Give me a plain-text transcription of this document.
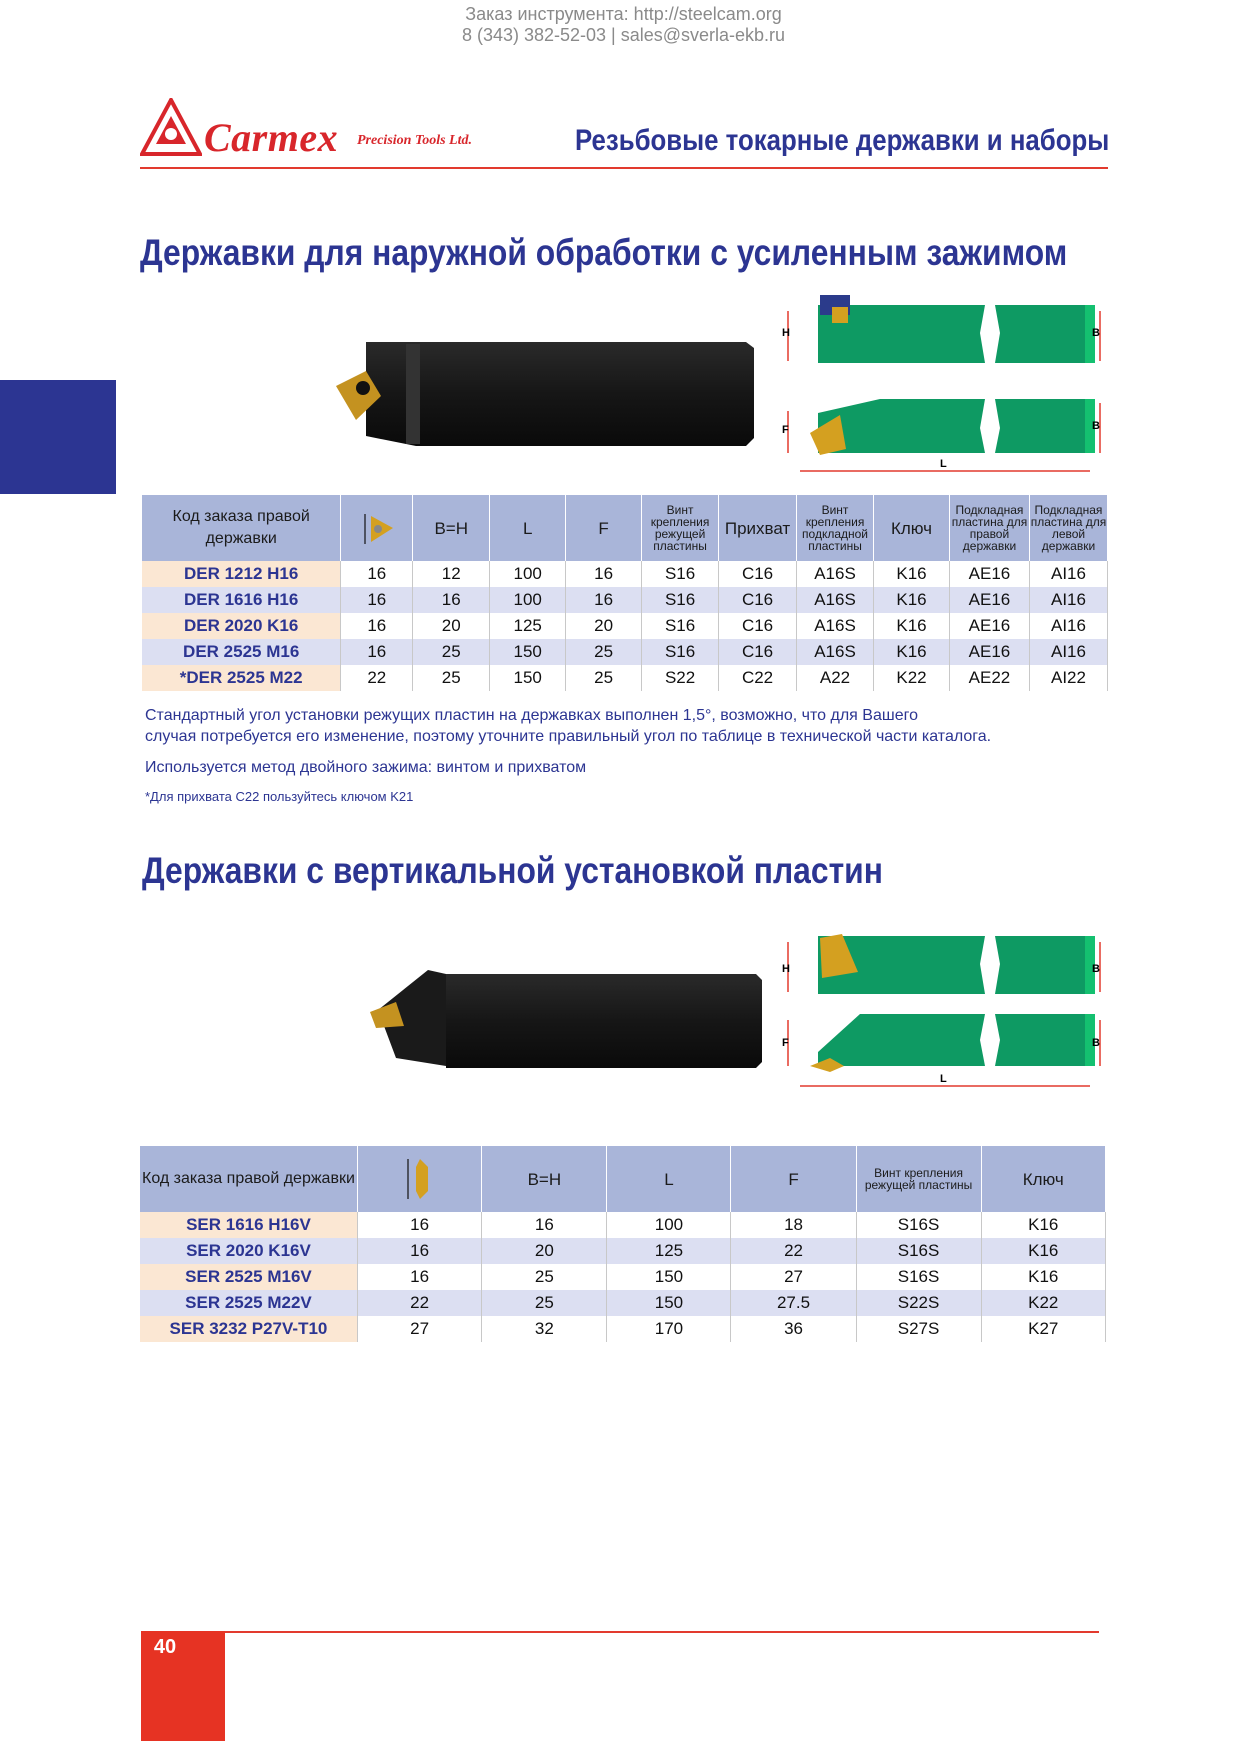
Заказ инструмента: http://steelcam.org
8 (343) 382-52-03 | sales@sverla-ekb.ru
Carmex Precision Tools Ltd.	Резьбовые токарные державки и наборы
Державки для наружной обработки с усиленным зажимом
H	B
F	B
L
Код заказа правой державки		B=H	L	F	Винт крепления режущей пластины	Прихват	Винт крепления подкладной пластины	Ключ	Подкладная пластина для правой державки	Подкладная пластина для левой державки
DER 1212 H16	16	12	100	16	S16	C16	A16S	K16	AE16	AI16
DER 1616 H16	16	16	100	16	S16	C16	A16S	K16	AE16	AI16
DER 2020 K16	16	20	125	20	S16	C16	A16S	K16	AE16	AI16
DER 2525 M16	16	25	150	25	S16	C16	A16S	K16	AE16	AI16
*DER 2525 M22	22	25	150	25	S22	C22	A22	K22	AE22	AI22
Стандартный угол установки режущих пластин на державках выполнен 1,5°, возможно, что для Вашего
случая потребуется его изменение, поэтому уточните правильный угол по таблице в технической части каталога.
Используется метод двойного зажима: винтом и прихватом
*Для прихвата C22 пользуйтесь ключом K21
Державки с вертикальной установкой пластин
H	B
F	B
L
Код заказа правой державки		B=H	L	F	Винт крепления режущей пластины	Ключ
SER 1616 H16V	16	16	100	18	S16S	K16
SER 2020 K16V	16	20	125	22	S16S	K16
SER 2525 M16V	16	25	150	27	S16S	K16
SER 2525 M22V	22	25	150	27.5	S22S	K22
SER 3232 P27V-T10	27	32	170	36	S27S	K27
40
